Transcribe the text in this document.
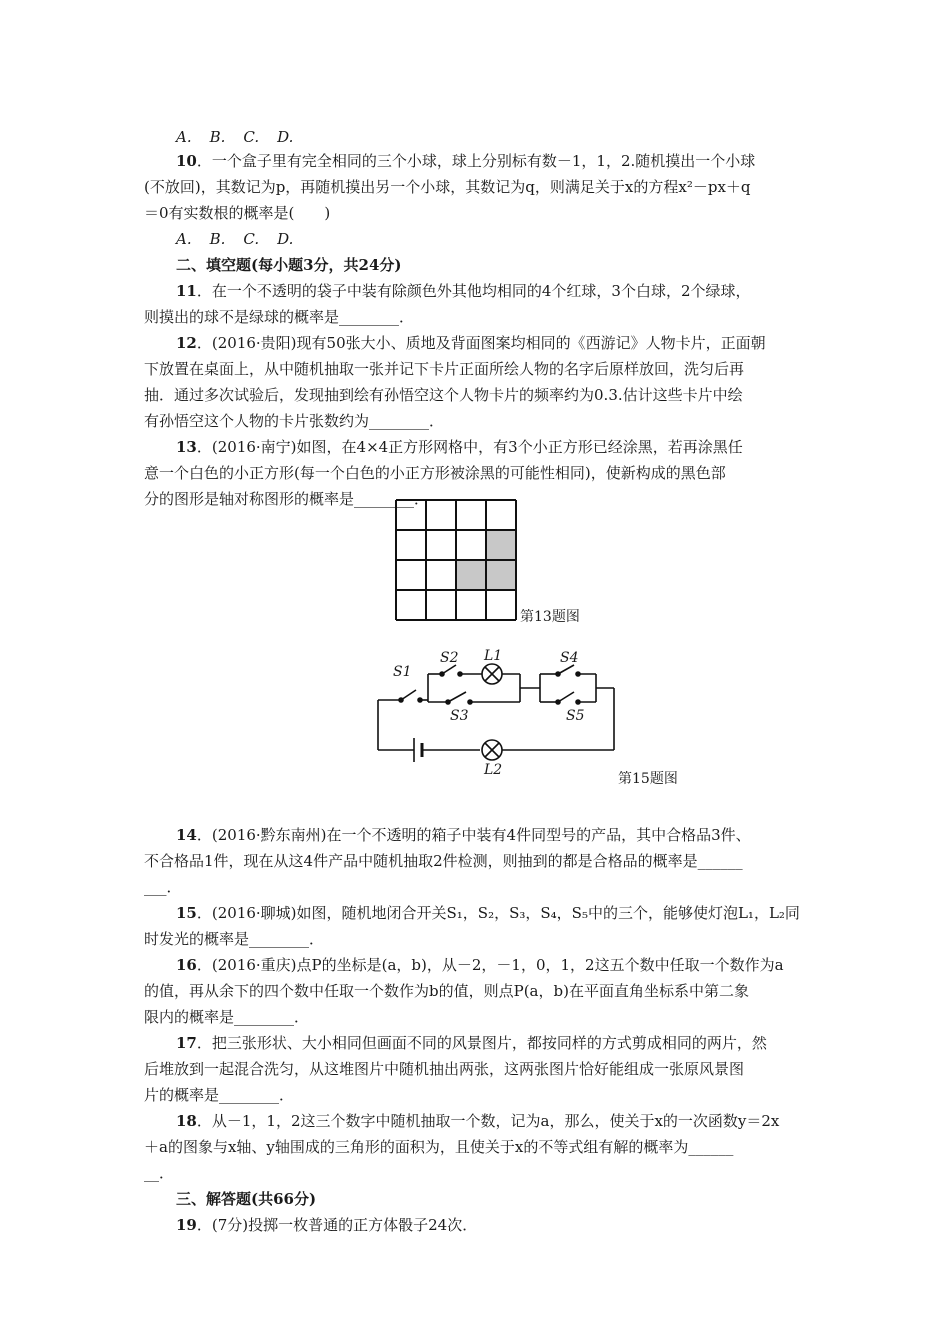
A. B. C. D.
10．一个盒子里有完全相同的三个小球，球上分别标有数－1，1，2.随机摸出一个小球
(不放回)，其数记为p，再随机摸出另一个小球，其数记为q，则满足关于x的方程x²－px＋q
＝0有实数根的概率是(　　)
A. B. C. D.
二、填空题(每小题3分，共24分)
11．在一个不透明的袋子中装有除颜色外其他均相同的4个红球，3个白球，2个绿球，
则摸出的球不是绿球的概率是________．
12．(2016·贵阳)现有50张大小、质地及背面图案均相同的《西游记》人物卡片，正面朝
下放置在桌面上，从中随机抽取一张并记下卡片正面所绘人物的名字后原样放回，洗匀后再
抽．通过多次试验后，发现抽到绘有孙悟空这个人物卡片的频率约为0.3.估计这些卡片中绘
有孙悟空这个人物的卡片张数约为________．
13．(2016·南宁)如图，在4×4正方形网格中，有3个小正方形已经涂黑，若再涂黑任
意一个白色的小正方形(每一个白色的小正方形被涂黑的可能性相同)，使新构成的黑色部
分的图形是轴对称图形的概率是________．
第13题图
S1
S2 L1
S3
S4
S5
L2
第15题图
14．(2016·黔东南州)在一个不透明的箱子中装有4件同型号的产品，其中合格品3件、
不合格品1件，现在从这4件产品中随机抽取2件检测，则抽到的都是合格品的概率是______
___．
15．(2016·聊城)如图，随机地闭合开关S₁，S₂，S₃，S₄，S₅中的三个，能够使灯泡L₁，L₂同
时发光的概率是________．
16．(2016·重庆)点P的坐标是(a，b)，从－2，－1，0，1，2这五个数中任取一个数作为a
的值，再从余下的四个数中任取一个数作为b的值，则点P(a，b)在平面直角坐标系中第二象
限内的概率是________．
17．把三张形状、大小相同但画面不同的风景图片，都按同样的方式剪成相同的两片，然
后堆放到一起混合洗匀，从这堆图片中随机抽出两张，这两张图片恰好能组成一张原风景图
片的概率是________．
18．从－1，1，2这三个数字中随机抽取一个数，记为a，那么，使关于x的一次函数y＝2x
＋a的图象与x轴、y轴围成的三角形的面积为，且使关于x的不等式组有解的概率为______
__．
三、解答题(共66分)
19．(7分)投掷一枚普通的正方体骰子24次．
